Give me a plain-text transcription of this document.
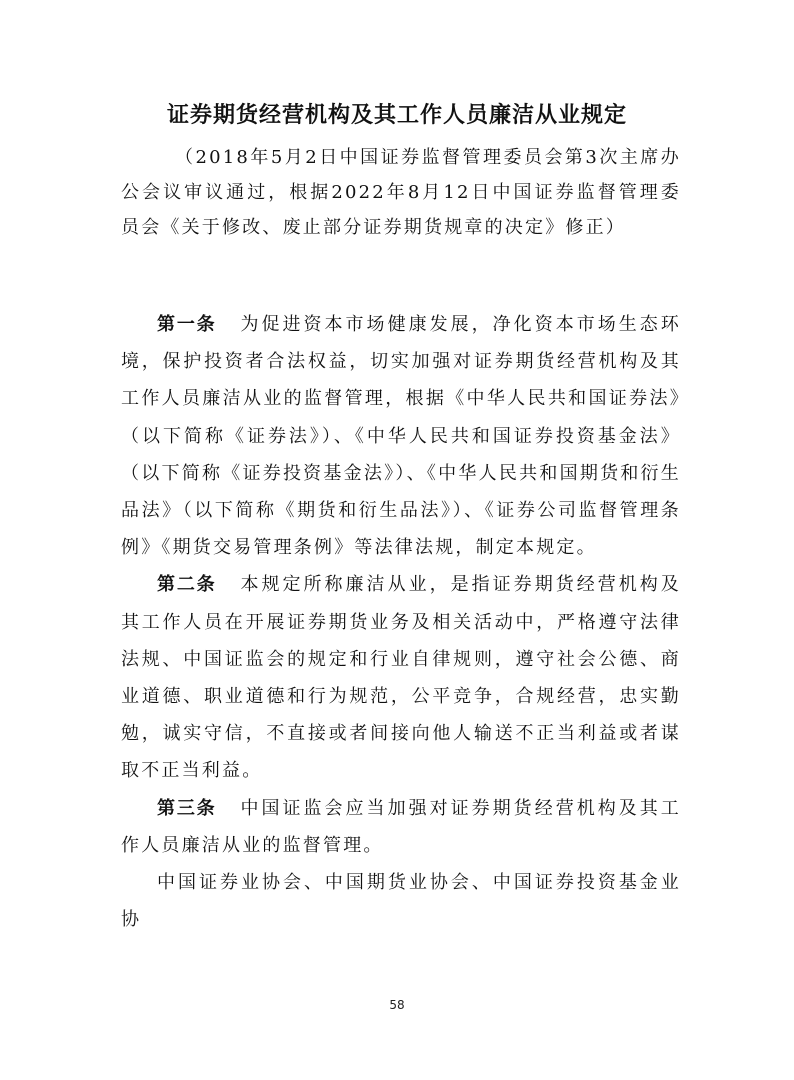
证券期货经营机构及其工作人员廉洁从业规定

（2018年5月2日中国证券监督管理委员会第3次主席办公会议审议通过，根据2022年8月12日中国证券监督管理委员会《关于修改、废止部分证券期货规章的决定》修正）

第一条 为促进资本市场健康发展，净化资本市场生态环境，保护投资者合法权益，切实加强对证券期货经营机构及其工作人员廉洁从业的监督管理，根据《中华人民共和国证券法》（以下简称《证券法》）、《中华人民共和国证券投资基金法》（以下简称《证券投资基金法》）、《中华人民共和国期货和衍生品法》（以下简称《期货和衍生品法》）、《证券公司监督管理条例》《期货交易管理条例》等法律法规，制定本规定。

第二条 本规定所称廉洁从业，是指证券期货经营机构及其工作人员在开展证券期货业务及相关活动中，严格遵守法律法规、中国证监会的规定和行业自律规则，遵守社会公德、商业道德、职业道德和行为规范，公平竞争，合规经营，忠实勤勉，诚实守信，不直接或者间接向他人输送不正当利益或者谋取不正当利益。

第三条 中国证监会应当加强对证券期货经营机构及其工作人员廉洁从业的监督管理。

中国证券业协会、中国期货业协会、中国证券投资基金业协

58
